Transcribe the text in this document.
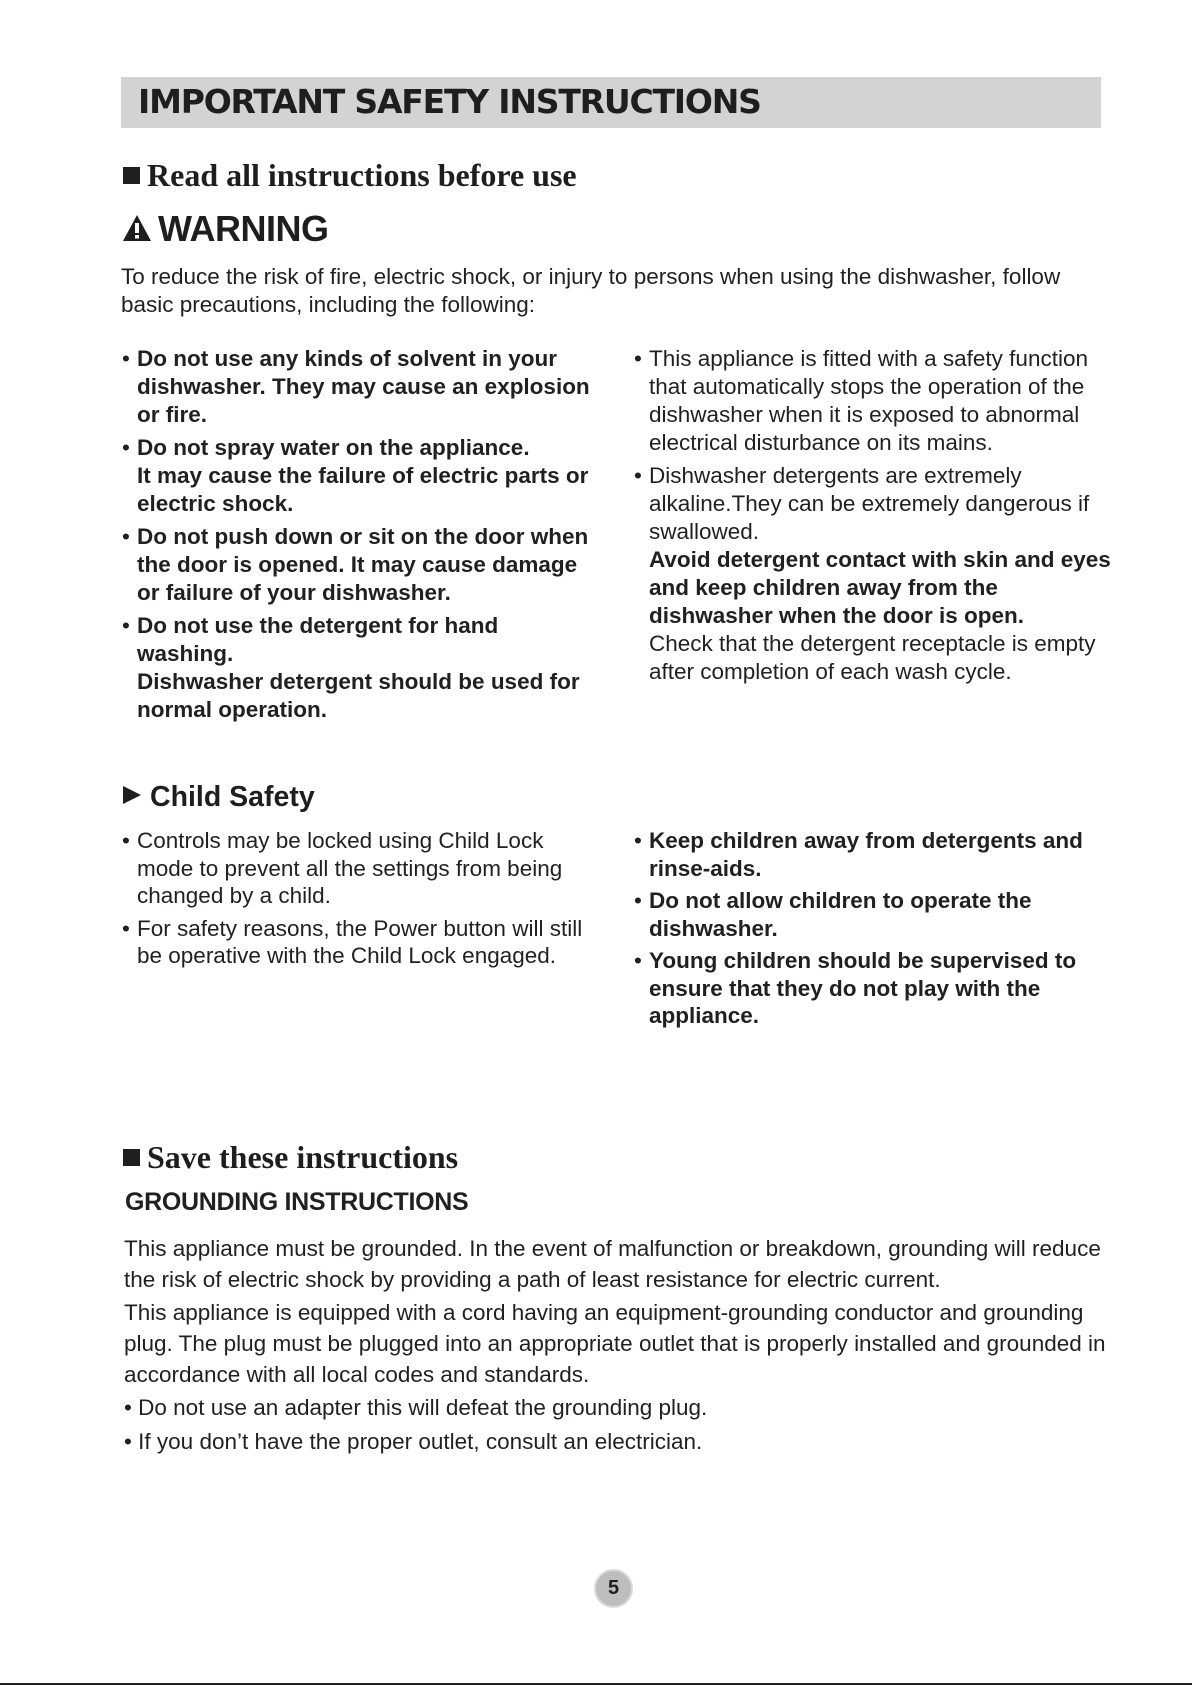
IMPORTANT SAFETY INSTRUCTIONS
Read all instructions before use
WARNING

To reduce the risk of fire, electric shock, or injury to persons when using the dishwasher, follow basic precautions, including the following:

• Do not use any kinds of solvent in your dishwasher. They may cause an explosion or fire.
• Do not spray water on the appliance.
It may cause the failure of electric parts or electric shock.
• Do not push down or sit on the door when the door is opened. It may cause damage or failure of your dishwasher.
• Do not use the detergent for hand washing.
Dishwasher detergent should be used for normal operation.
• This appliance is fitted with a safety function that automatically stops the operation of the dishwasher when it is exposed to abnormal electrical disturbance on its mains.
• Dishwasher detergents are extremely alkaline.They can be extremely dangerous if swallowed.
Avoid detergent contact with skin and eyes and keep children away from the dishwasher when the door is open.
Check that the detergent receptacle is empty after completion of each wash cycle.
Child Safety
• Controls may be locked using Child Lock mode to prevent all the settings from being changed by a child.
• For safety reasons, the Power button will still be operative with the Child Lock engaged.
• Keep children away from detergents and rinse-aids.
• Do not allow children to operate the dishwasher.
• Young children should be supervised to ensure that they do not play with the appliance.
Save these instructions
GROUNDING INSTRUCTIONS

This appliance must be grounded. In the event of malfunction or breakdown, grounding will reduce the risk of electric shock by providing a path of least resistance for electric current.

This appliance is equipped with a cord having an equipment-grounding conductor and grounding plug. The plug must be plugged into an appropriate outlet that is properly installed and grounded in accordance with all local codes and standards.

• Do not use an adapter this will defeat the grounding plug.

• If you don’t have the proper outlet, consult an electrician.

5
